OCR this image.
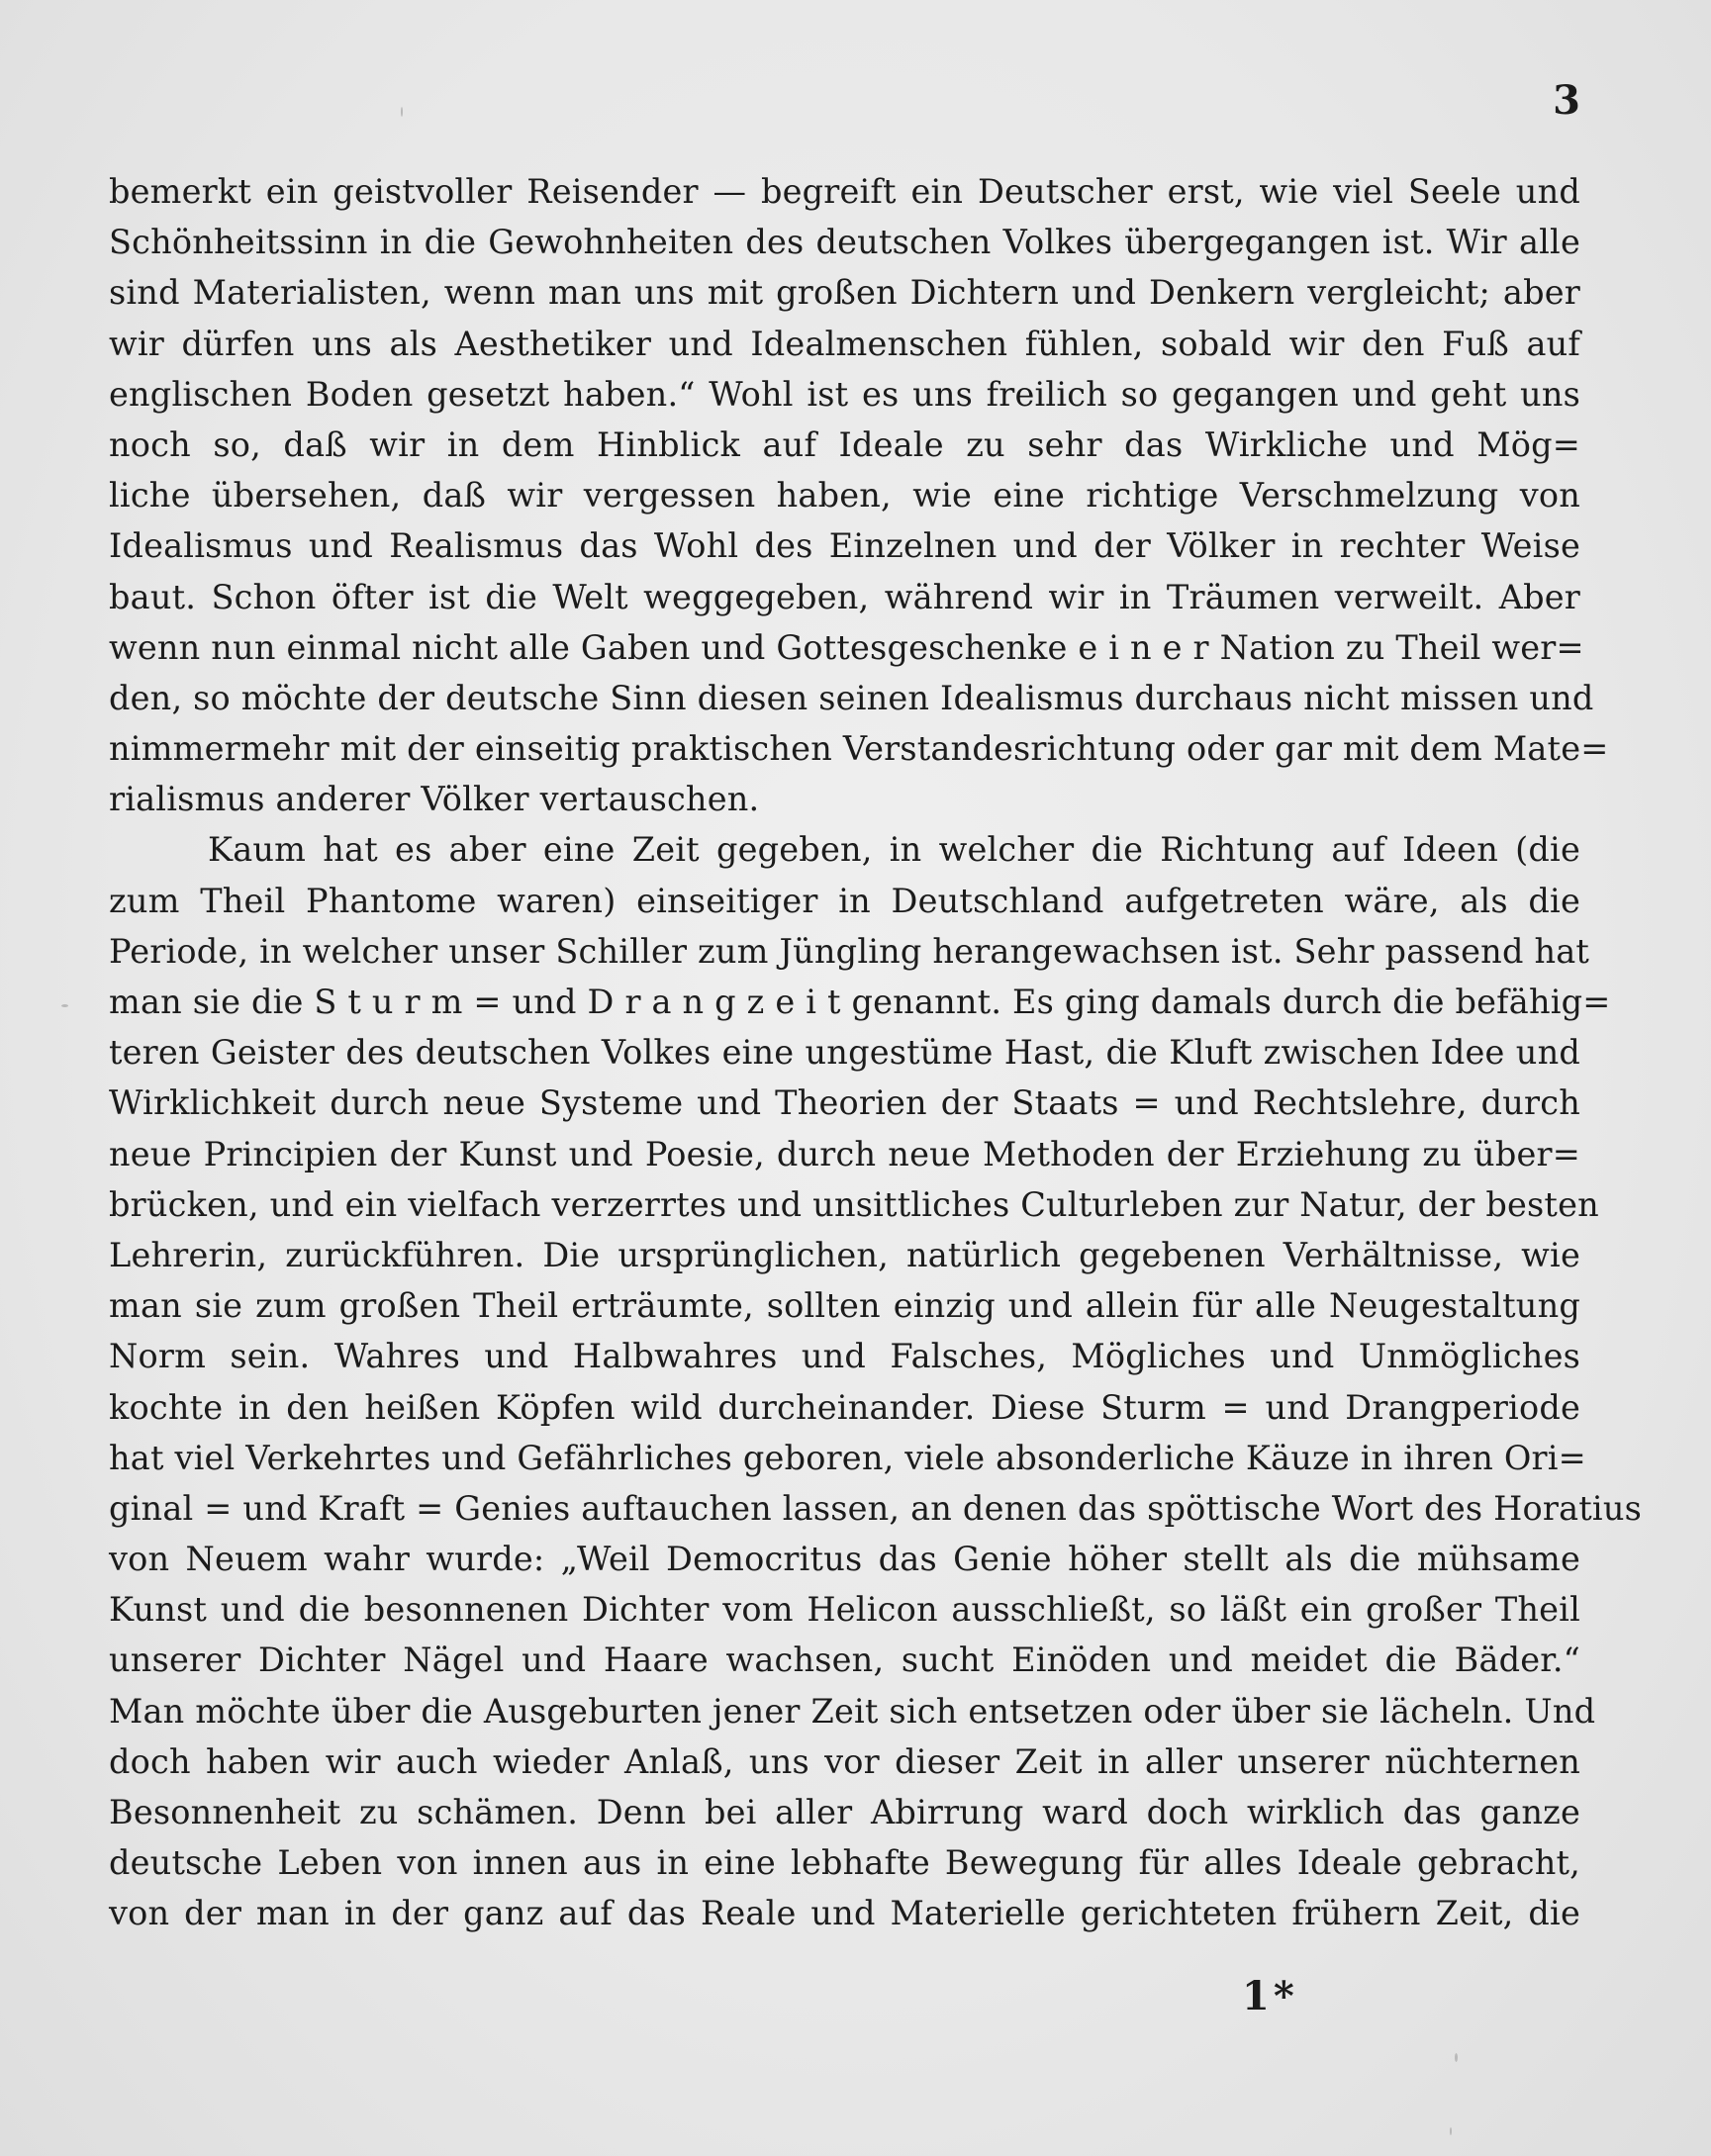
3
bemerkt ein geistvoller Reisender — begreift ein Deutscher erst, wie viel Seele und
Schönheitssinn in die Gewohnheiten des deutschen Volkes übergegangen ist. Wir alle
sind Materialisten, wenn man uns mit großen Dichtern und Denkern vergleicht; aber
wir dürfen uns als Aesthetiker und Idealmenschen fühlen, sobald wir den Fuß auf
englischen Boden gesetzt haben.“ Wohl ist es uns freilich so gegangen und geht uns
noch so, daß wir in dem Hinblick auf Ideale zu sehr das Wirkliche und Mög=
liche übersehen, daß wir vergessen haben, wie eine richtige Verschmelzung von
Idealismus und Realismus das Wohl des Einzelnen und der Völker in rechter Weise
baut. Schon öfter ist die Welt weggegeben, während wir in Träumen verweilt. Aber
wenn nun einmal nicht alle Gaben und Gottesgeschenke e i n e r Nation zu Theil wer=
den, so möchte der deutsche Sinn diesen seinen Idealismus durchaus nicht missen und
nimmermehr mit der einseitig praktischen Verstandesrichtung oder gar mit dem Mate=
rialismus anderer Völker vertauschen.
Kaum hat es aber eine Zeit gegeben, in welcher die Richtung auf Ideen (die
zum Theil Phantome waren) einseitiger in Deutschland aufgetreten wäre, als die
Periode, in welcher unser Schiller zum Jüngling herangewachsen ist. Sehr passend hat
man sie die S t u r m = und D r a n g z e i t genannt. Es ging damals durch die befähig=
teren Geister des deutschen Volkes eine ungestüme Hast, die Kluft zwischen Idee und
Wirklichkeit durch neue Systeme und Theorien der Staats = und Rechtslehre, durch
neue Principien der Kunst und Poesie, durch neue Methoden der Erziehung zu über=
brücken, und ein vielfach verzerrtes und unsittliches Culturleben zur Natur, der besten
Lehrerin, zurückführen. Die ursprünglichen, natürlich gegebenen Verhältnisse, wie
man sie zum großen Theil erträumte, sollten einzig und allein für alle Neugestaltung
Norm sein. Wahres und Halbwahres und Falsches, Mögliches und Unmögliches
kochte in den heißen Köpfen wild durcheinander. Diese Sturm = und Drangperiode
hat viel Verkehrtes und Gefährliches geboren, viele absonderliche Käuze in ihren Ori=
ginal = und Kraft = Genies auftauchen lassen, an denen das spöttische Wort des Horatius
von Neuem wahr wurde: „Weil Democritus das Genie höher stellt als die mühsame
Kunst und die besonnenen Dichter vom Helicon ausschließt, so läßt ein großer Theil
unserer Dichter Nägel und Haare wachsen, sucht Einöden und meidet die Bäder.“
Man möchte über die Ausgeburten jener Zeit sich entsetzen oder über sie lächeln. Und
doch haben wir auch wieder Anlaß, uns vor dieser Zeit in aller unserer nüchternen
Besonnenheit zu schämen. Denn bei aller Abirrung ward doch wirklich das ganze
deutsche Leben von innen aus in eine lebhafte Bewegung für alles Ideale gebracht,
von der man in der ganz auf das Reale und Materielle gerichteten frühern Zeit, die
1*
